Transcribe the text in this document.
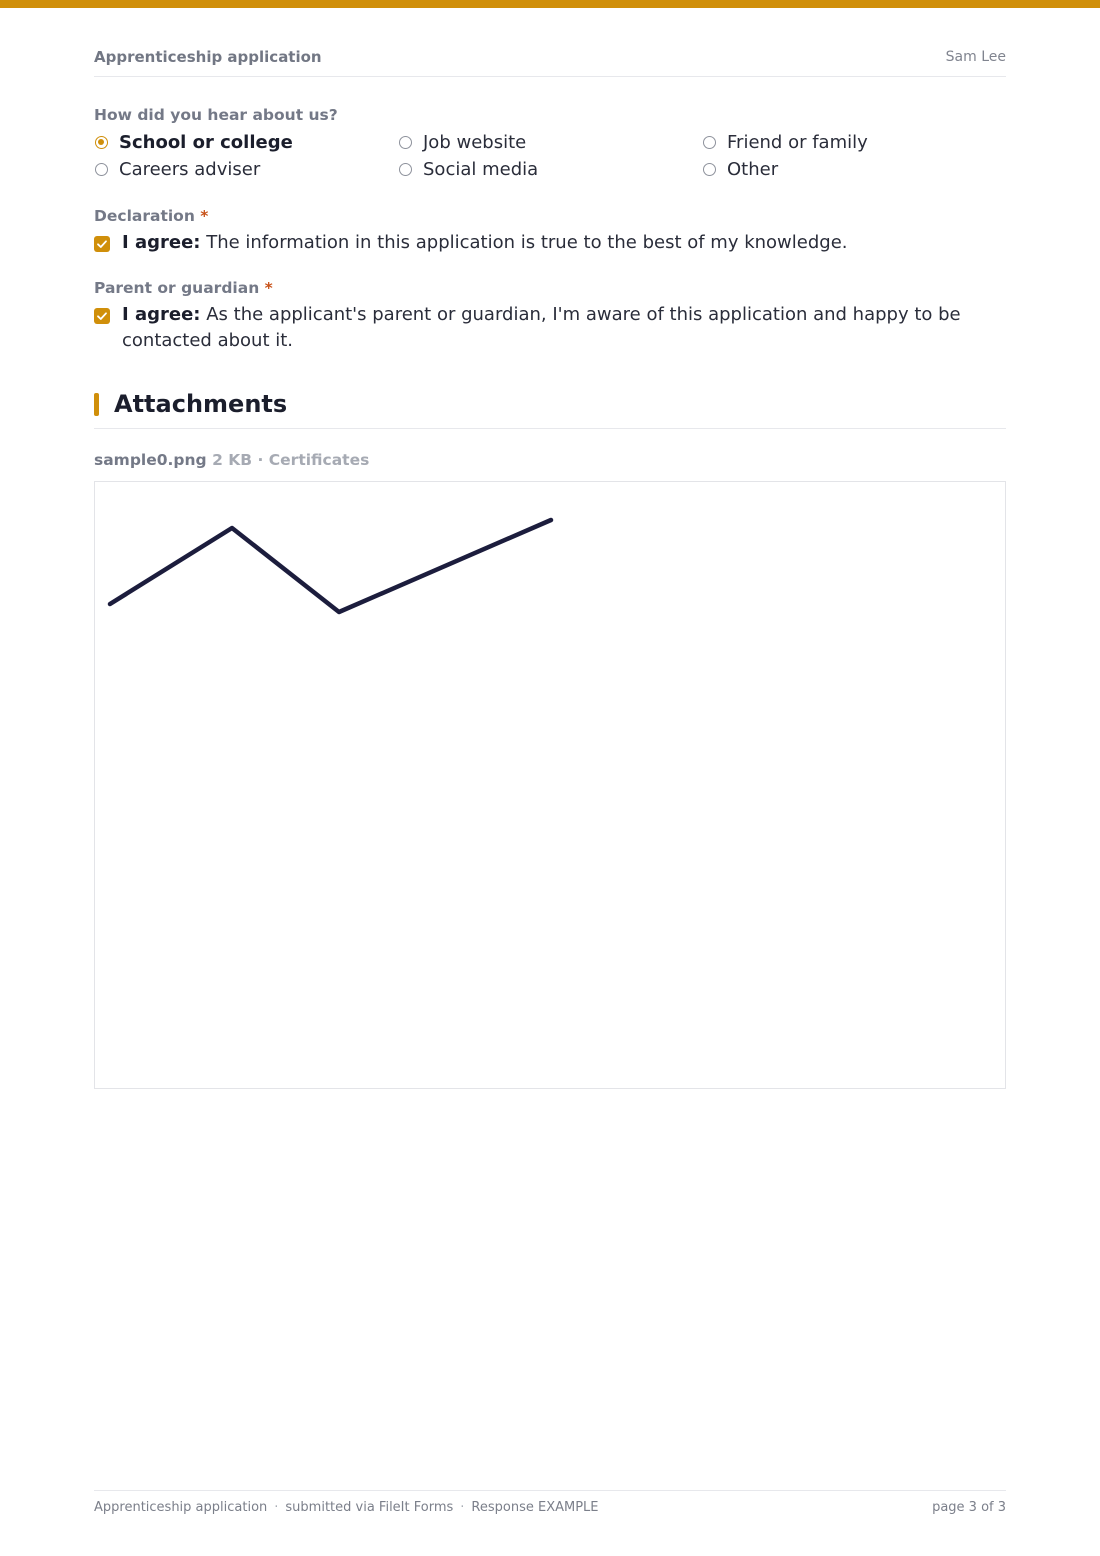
Apprenticeship application	Sam Lee
How did you hear about us?
School or college	Job website	Friend or family
Careers adviser	Social media	Other
Declaration *
I agree: The information in this application is true to the best of my knowledge.
Parent or guardian *
I agree: As the applicant's parent or guardian, I'm aware of this application and happy to be contacted about it.
Attachments
sample0.png 2 KB · Certificates
Apprenticeship application · submitted via FileIt Forms · Response EXAMPLE	page 3 of 3
